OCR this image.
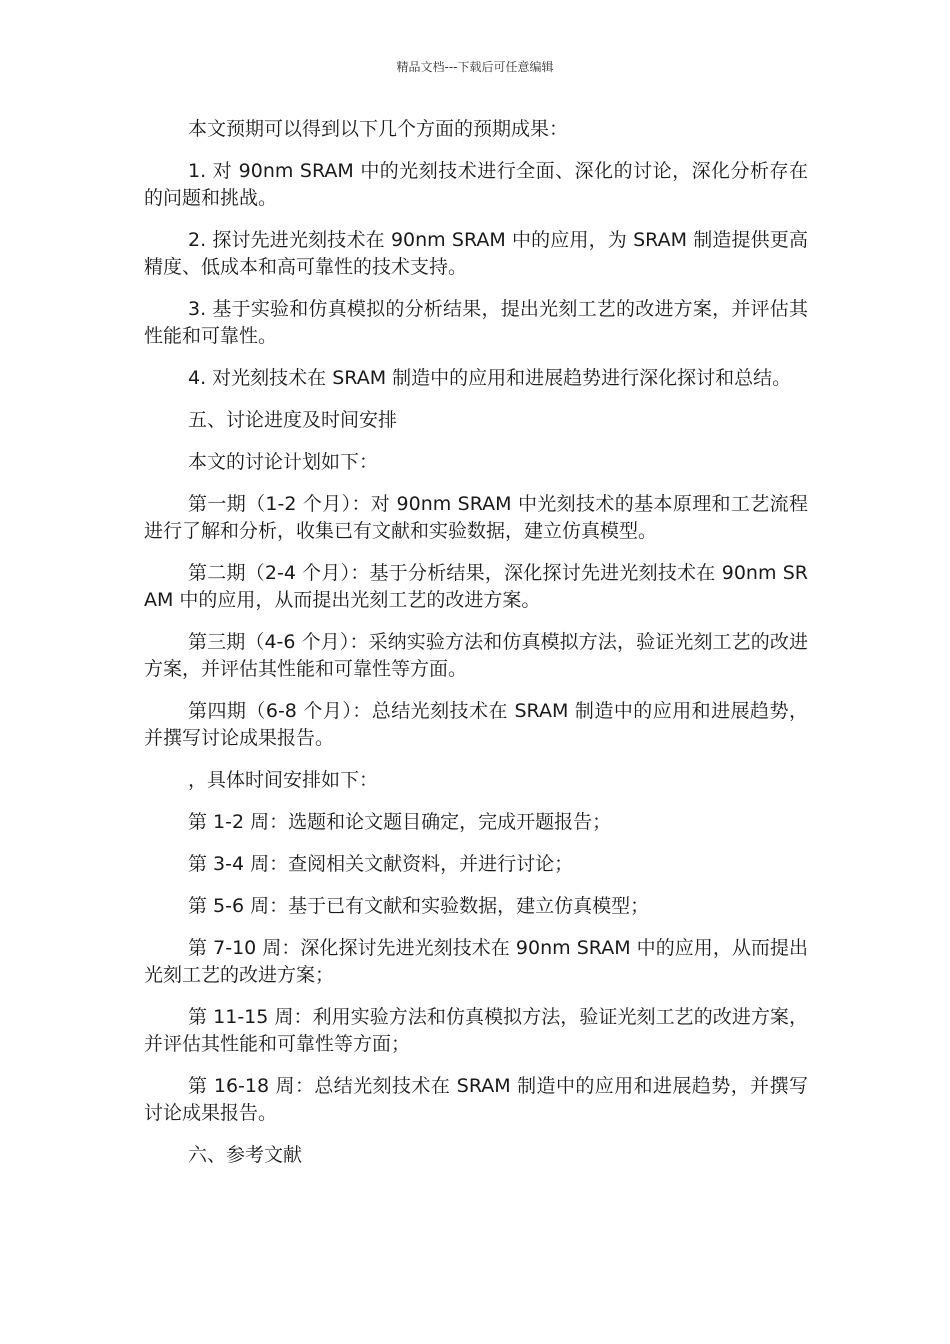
精品文档---下载后可任意编辑

本文预期可以得到以下几个方面的预期成果：

1. 对 90nm SRAM 中的光刻技术进行全面、深化的讨论，深化分析存在的问题和挑战。

2. 探讨先进光刻技术在 90nm SRAM 中的应用，为 SRAM 制造提供更高精度、低成本和高可靠性的技术支持。

3. 基于实验和仿真模拟的分析结果，提出光刻工艺的改进方案，并评估其性能和可靠性。

4. 对光刻技术在 SRAM 制造中的应用和进展趋势进行深化探讨和总结。

五、讨论进度及时间安排

本文的讨论计划如下：

第一期（1-2 个月）：对 90nm SRAM 中光刻技术的基本原理和工艺流程进行了解和分析，收集已有文献和实验数据，建立仿真模型。

第二期（2-4 个月）：基于分析结果，深化探讨先进光刻技术在 90nm SRAM 中的应用，从而提出光刻工艺的改进方案。

第三期（4-6 个月）：采纳实验方法和仿真模拟方法，验证光刻工艺的改进方案，并评估其性能和可靠性等方面。

第四期（6-8 个月）：总结光刻技术在 SRAM 制造中的应用和进展趋势，并撰写讨论成果报告。

，具体时间安排如下：

第 1-2 周：选题和论文题目确定，完成开题报告；

第 3-4 周：查阅相关文献资料，并进行讨论；

第 5-6 周：基于已有文献和实验数据，建立仿真模型；

第 7-10 周：深化探讨先进光刻技术在 90nm SRAM 中的应用，从而提出光刻工艺的改进方案；

第 11-15 周：利用实验方法和仿真模拟方法，验证光刻工艺的改进方案，并评估其性能和可靠性等方面；

第 16-18 周：总结光刻技术在 SRAM 制造中的应用和进展趋势，并撰写讨论成果报告。

六、参考文献
